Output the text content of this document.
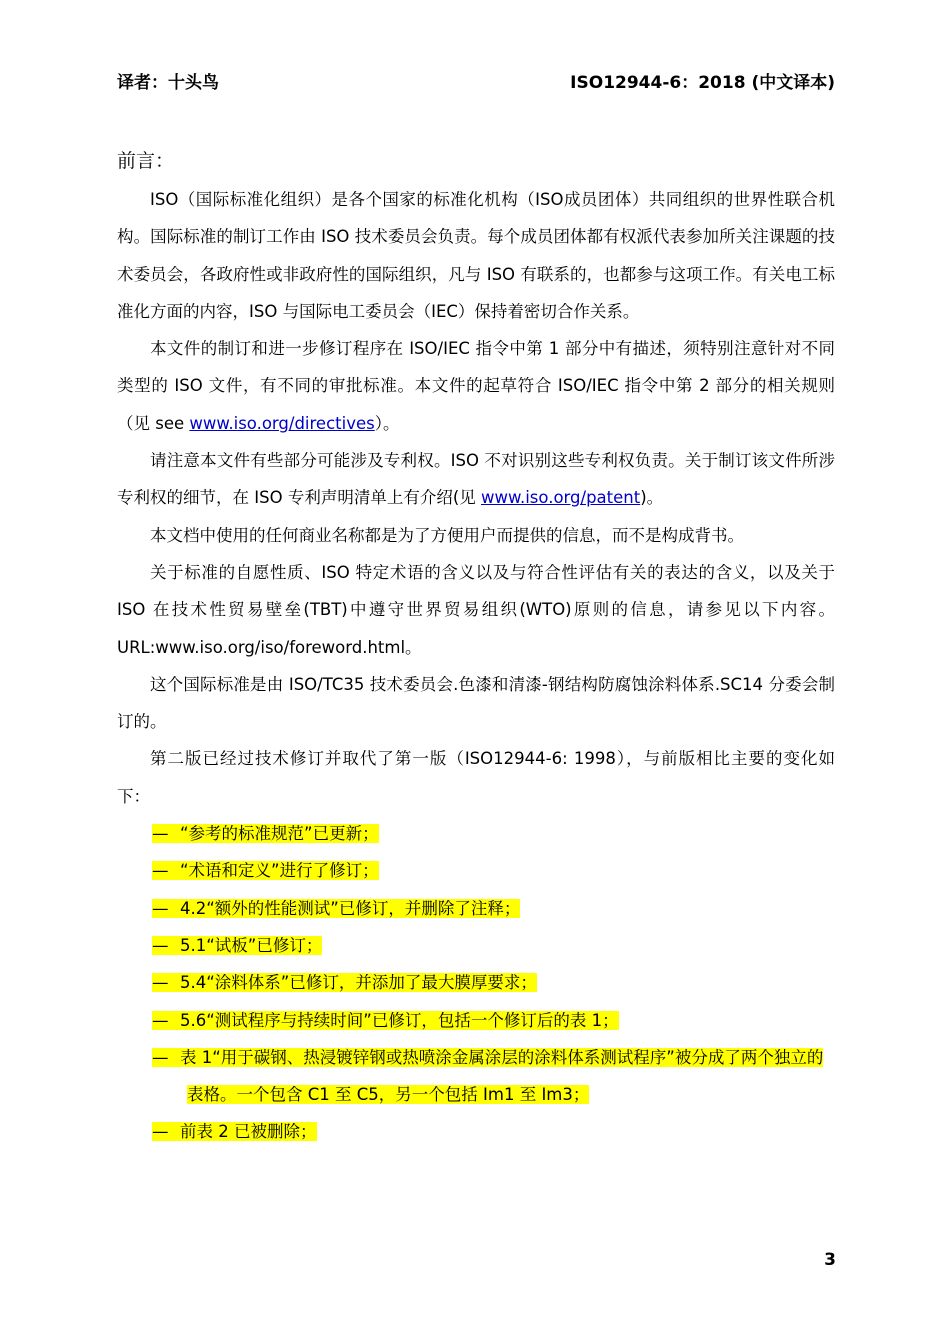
译者：十头鸟	ISO12944-6：2018 (中文译本)
前言：

ISO（国际标准化组织）是各个国家的标准化机构（ISO成员团体）共同组织的世界性联合机构。国际标准的制订工作由 ISO 技术委员会负责。每个成员团体都有权派代表参加所关注课题的技术委员会，各政府性或非政府性的国际组织，凡与 ISO 有联系的，也都参与这项工作。有关电工标准化方面的内容，ISO 与国际电工委员会（IEC）保持着密切合作关系。

本文件的制订和进一步修订程序在 ISO/IEC 指令中第 1 部分中有描述，须特别注意针对不同类型的 ISO 文件，有不同的审批标准。本文件的起草符合 ISO/IEC 指令中第 2 部分的相关规则（见 see www.iso.org/directives）。

请注意本文件有些部分可能涉及专利权。ISO 不对识别这些专利权负责。关于制订该文件所涉专利权的细节，在 ISO 专利声明清单上有介绍(见 www.iso.org/patent)。

本文档中使用的任何商业名称都是为了方便用户而提供的信息，而不是构成背书。

关于标准的自愿性质、ISO 特定术语的含义以及与符合性评估有关的表达的含义，以及关于 ISO 在技术性贸易壁垒(TBT)中遵守世界贸易组织(WTO)原则的信息，请参见以下内容。URL:www.iso.org/iso/foreword.html。

这个国际标准是由 ISO/TC35 技术委员会.色漆和清漆-钢结构防腐蚀涂料体系.SC14 分委会制订的。

第二版已经过技术修订并取代了第一版（ISO12944-6: 1998），与前版相比主要的变化如下：

— “参考的标准规范”已更新；
— “术语和定义”进行了修订；
— 4.2“额外的性能测试”已修订，并删除了注释；
— 5.1“试板”已修订；
— 5.4“涂料体系”已修订，并添加了最大膜厚要求；
— 5.6“测试程序与持续时间”已修订，包括一个修订后的表 1；
— 表 1“用于碳钢、热浸镀锌钢或热喷涂金属涂层的涂料体系测试程序”被分成了两个独立的表格。一个包含 C1 至 C5，另一个包括 Im1 至 Im3；
— 前表 2 已被删除；
3
